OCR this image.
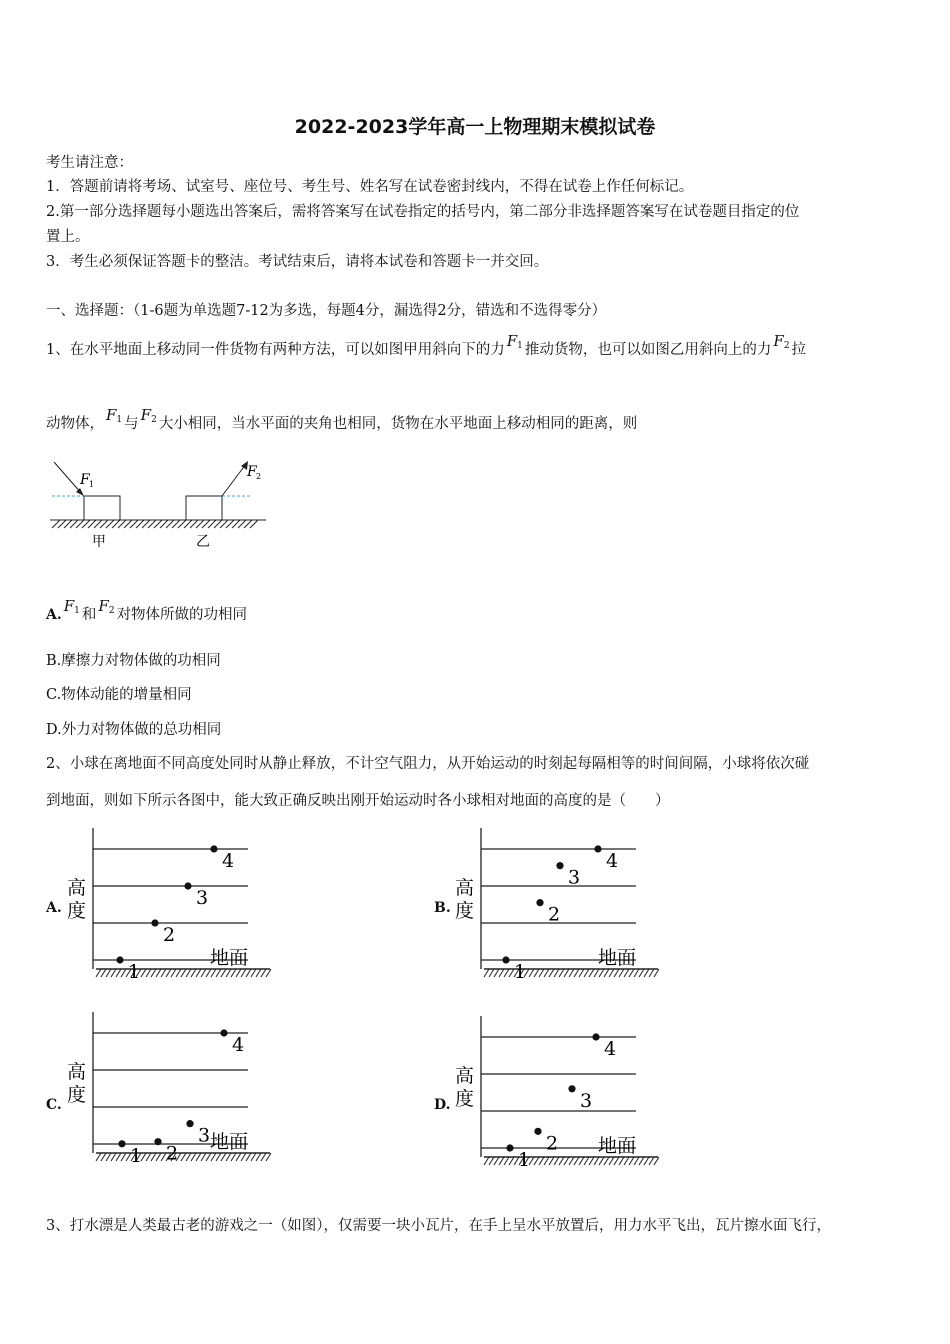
2022-2023学年高一上物理期末模拟试卷
考生请注意：
1．答题前请将考场、试室号、座位号、考生号、姓名写在试卷密封线内，不得在试卷上作任何标记。
2.第一部分选择题每小题选出答案后，需将答案写在试卷指定的括号内，第二部分非选择题答案写在试卷题目指定的位
置上。
3．考生必须保证答题卡的整洁。考试结束后，请将本试卷和答题卡一并交回。
一、选择题：（1-6题为单选题7-12为多选，每题4分，漏选得2分，错选和不选得零分）
1、在水平地面上移动同一件货物有两种方法，可以如图甲用斜向下的力 $F_1$ 推动货物，也可以如图乙用斜向上的力 $F_2$ 拉
动物体， $F_1$ 与 $F_2$ 大小相同，当水平面的夹角也相同，货物在水平地面上移动相同的距离，则
F 1
F 2
甲	乙
A. $F_1$ 和 $F_2$ 对物体所做的功相同
B.摩擦力对物体做的功相同
C.物体动能的增量相同
D.外力对物体做的总功相同
2、小球在离地面不同高度处同时从静止释放，不计空气阻力，从开始运动的时刻起每隔相等的时间间隔，小球将依次碰
到地面，则如下所示各图中，能大致正确反映出刚开始运动时各小球相对地面的高度的是（　　）
A.
高
度
地面
1
2
3
4
B.
高
度
地面
1
2
3
4
C.
高
度
地面
1 2
3
4
D.
高
度
地面
1
2
3
4
3、打水漂是人类最古老的游戏之一（如图），仅需要一块小瓦片，在手上呈水平放置后，用力水平飞出，瓦片擦水面飞行，
